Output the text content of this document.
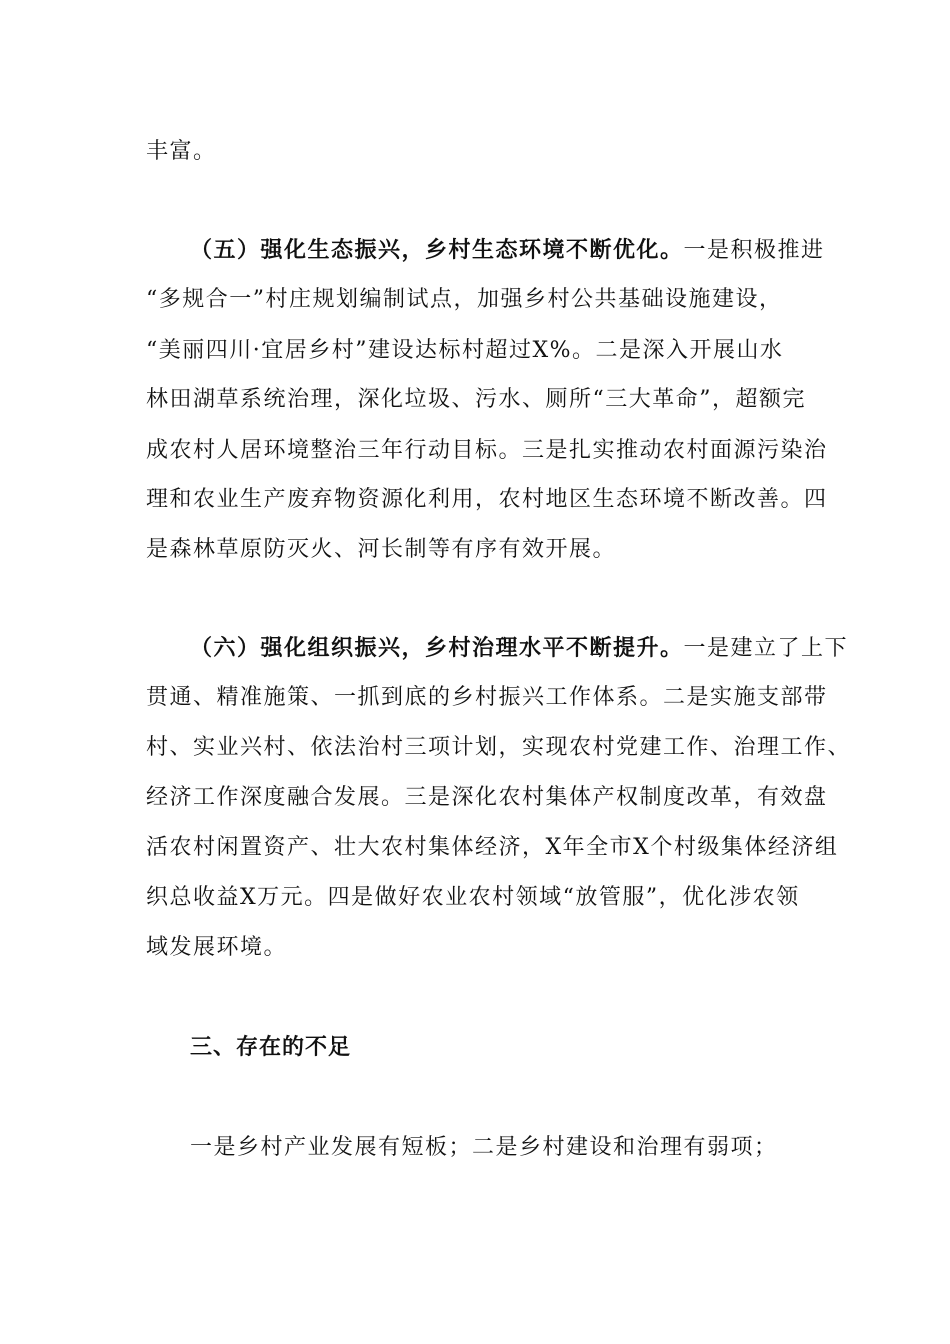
丰富。
（五）强化生态振兴，乡村生态环境不断优化。一是积极推进
“多规合一”村庄规划编制试点，加强乡村公共基础设施建设，
“美丽四川·宜居乡村”建设达标村超过X%。二是深入开展山水
林田湖草系统治理，深化垃圾、污水、厕所“三大革命”，超额完
成农村人居环境整治三年行动目标。三是扎实推动农村面源污染治
理和农业生产废弃物资源化利用，农村地区生态环境不断改善。四
是森林草原防灭火、河长制等有序有效开展。
（六）强化组织振兴，乡村治理水平不断提升。一是建立了上下
贯通、精准施策、一抓到底的乡村振兴工作体系。二是实施支部带
村、实业兴村、依法治村三项计划，实现农村党建工作、治理工作、
经济工作深度融合发展。三是深化农村集体产权制度改革，有效盘
活农村闲置资产、壮大农村集体经济，X年全市X个村级集体经济组
织总收益X万元。四是做好农业农村领域“放管服”，优化涉农领
域发展环境。
三、存在的不足
一是乡村产业发展有短板；二是乡村建设和治理有弱项；
